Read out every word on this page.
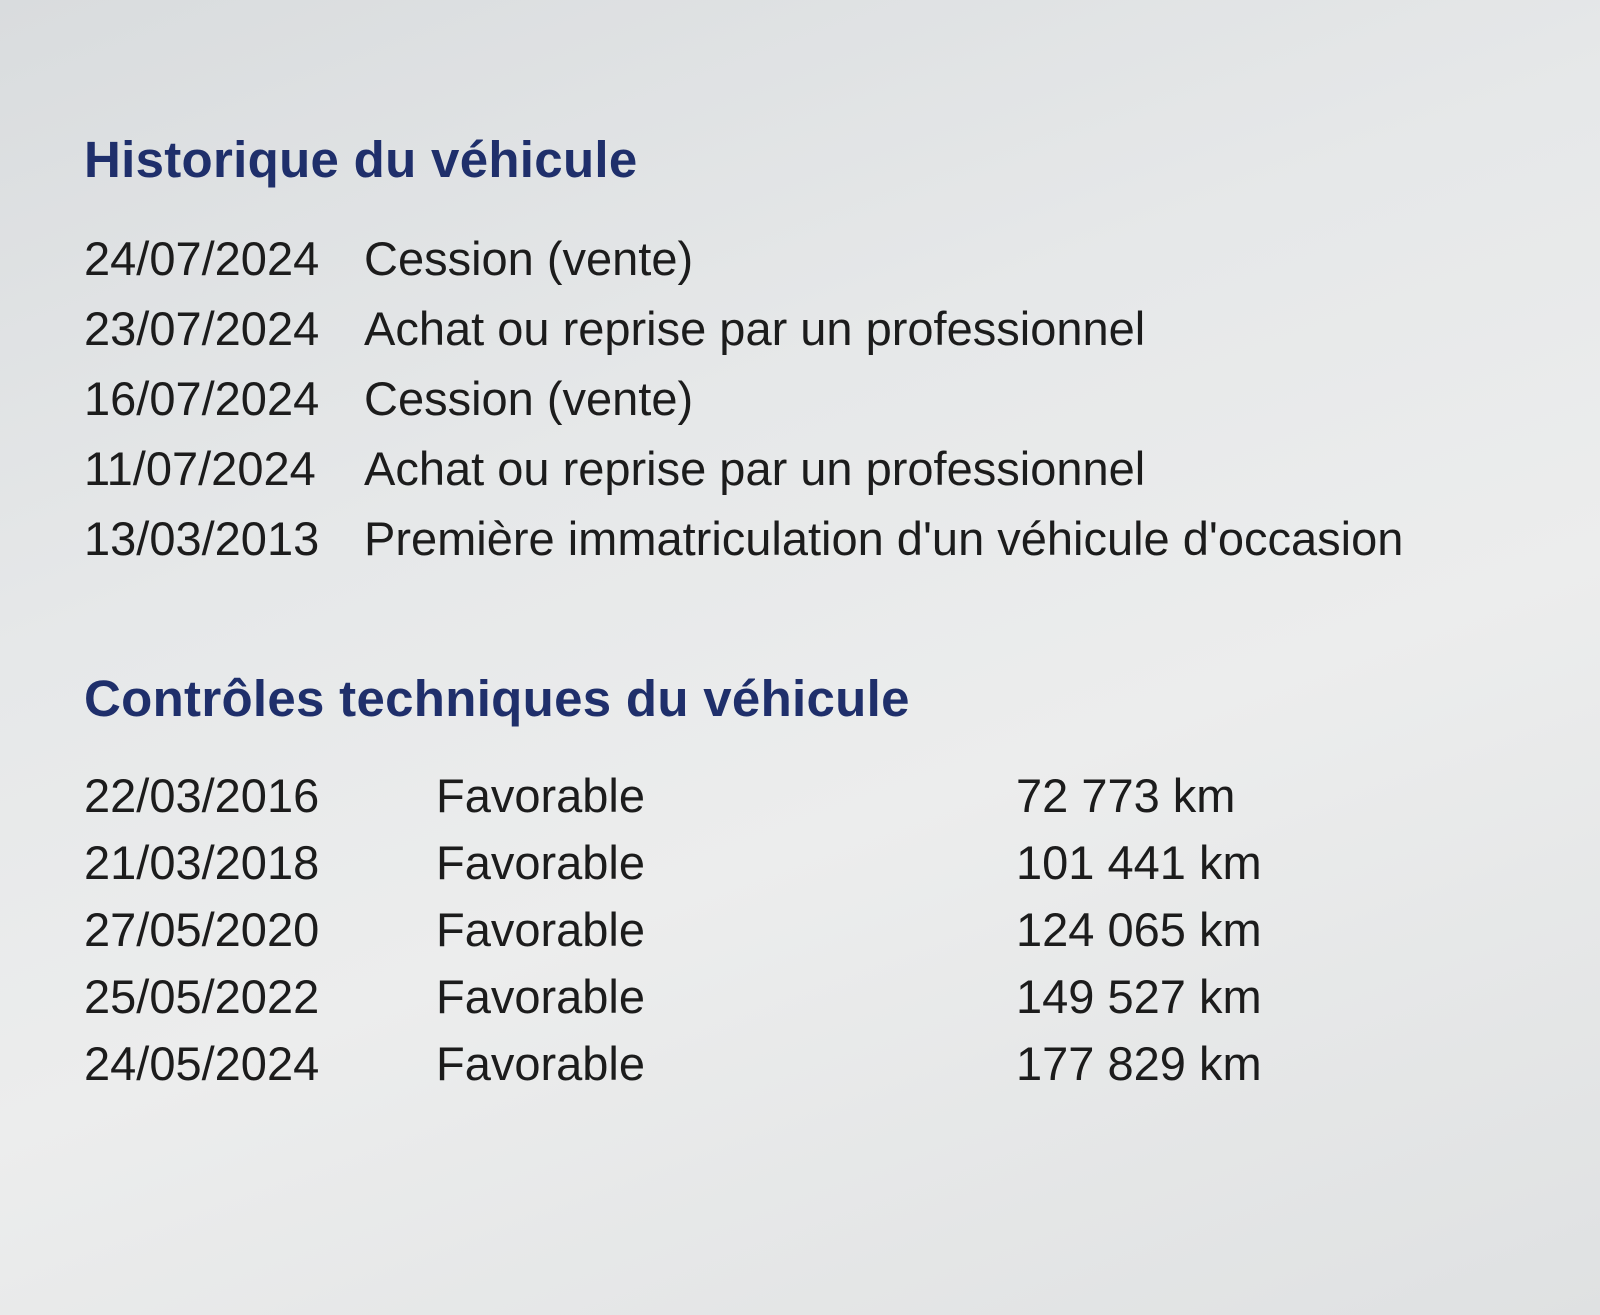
Historique du véhicule
24/07/2024 Cession (vente)
23/07/2024 Achat ou reprise par un professionnel
16/07/2024 Cession (vente)
11/07/2024	Achat ou reprise par un professionnel
13/03/2013 Première immatriculation d'un véhicule d'occasion
Contrôles techniques du véhicule
22/03/2016	Favorable	72 773 km
21/03/2018	Favorable	101 441 km
27/05/2020	Favorable	124 065 km
25/05/2022	Favorable	149 527 km
24/05/2024	Favorable	177 829 km
